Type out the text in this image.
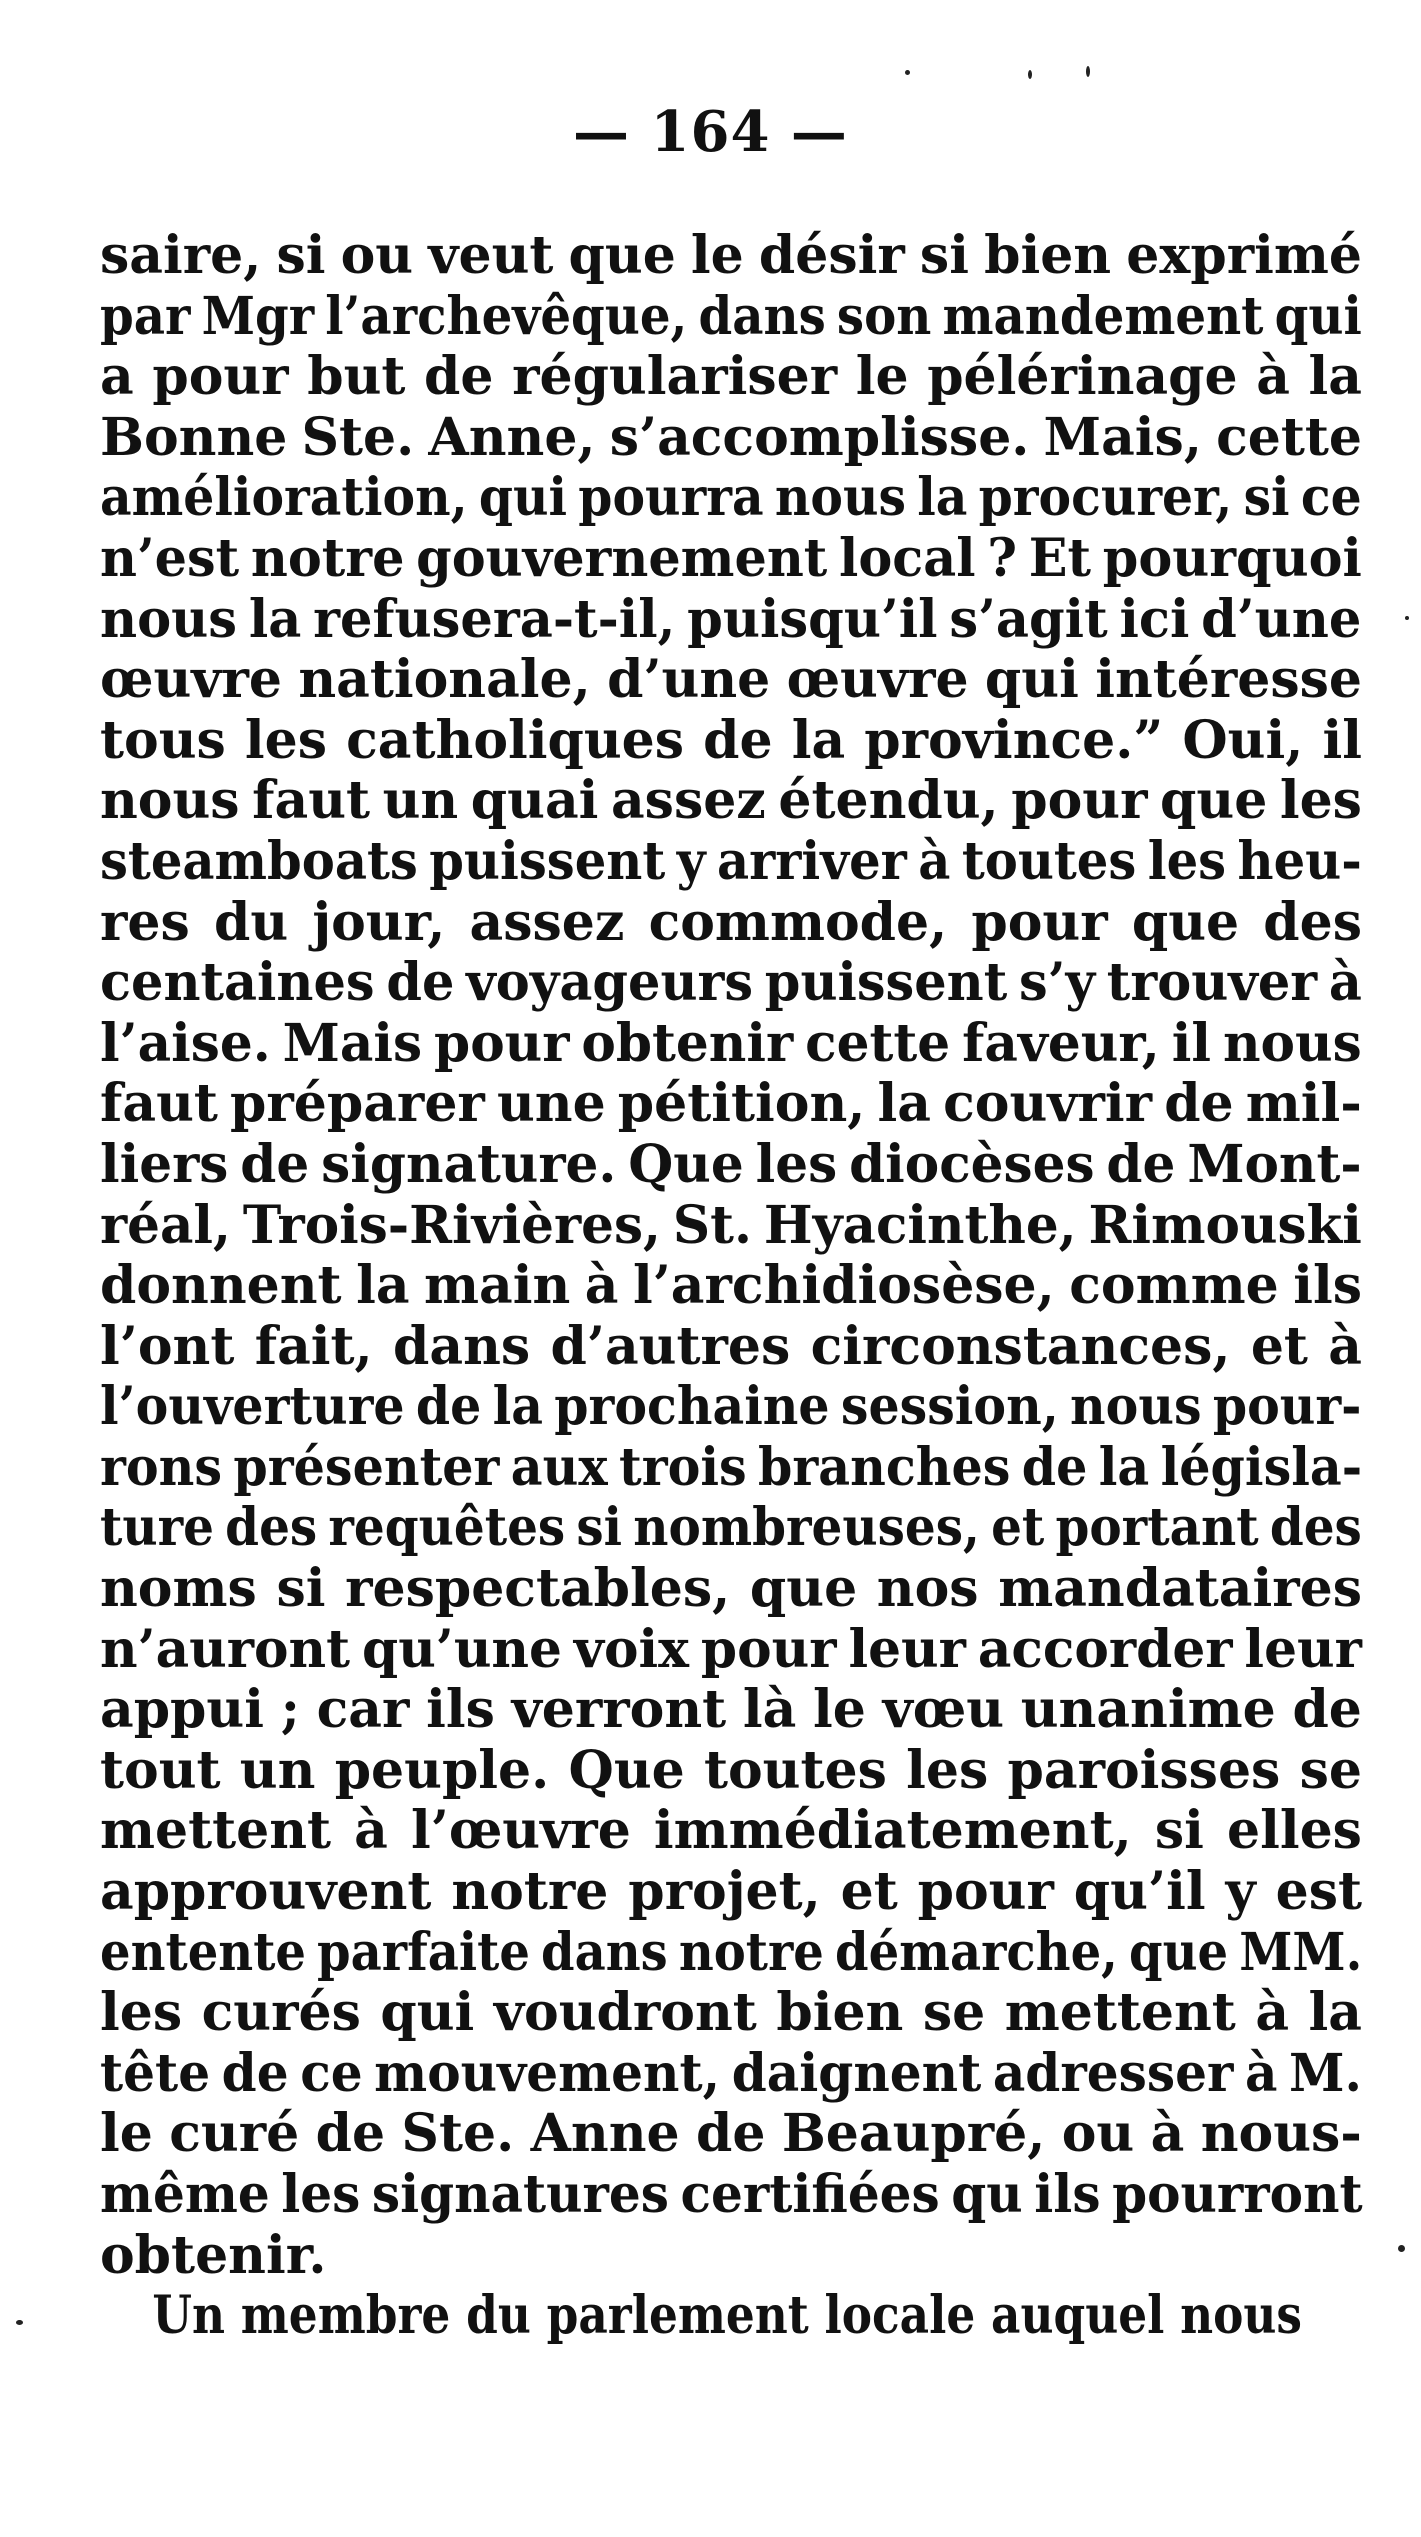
— 164 —
saire, si ou veut que le désir si bien exprimé
par Mgr l’archevêque, dans son mandement qui
a pour but de régulariser le pélérinage à la
Bonne Ste. Anne, s’accomplisse. Mais, cette
amélioration, qui pourra nous la procurer, si ce
n’est notre gouvernement local ? Et pourquoi
nous la refusera-t-il, puisqu’il s’agit ici d’une
œuvre nationale, d’une œuvre qui intéresse
tous les catholiques de la province.” Oui, il
nous faut un quai assez étendu, pour que les
steamboats puissent y arriver à toutes les heu-
res du jour, assez commode, pour que des
centaines de voyageurs puissent s’y trouver à
l’aise. Mais pour obtenir cette faveur, il nous
faut préparer une pétition, la couvrir de mil-
liers de signature. Que les diocèses de Mont-
réal, Trois-Rivières, St. Hyacinthe, Rimouski
donnent la main à l’archidiosèse, comme ils
l’ont fait, dans d’autres circonstances, et à
l’ouverture de la prochaine session, nous pour-
rons présenter aux trois branches de la législa-
ture des requêtes si nombreuses, et portant des
noms si respectables, que nos mandataires
n’auront qu’une voix pour leur accorder leur
appui ; car ils verront là le vœu unanime de
tout un peuple. Que toutes les paroisses se
mettent à l’œuvre immédiatement, si elles
approuvent notre projet, et pour qu’il y est
entente parfaite dans notre démarche, que MM.
les curés qui voudront bien se mettent à la
tête de ce mouvement, daignent adresser à M.
le curé de Ste. Anne de Beaupré, ou à nous-
même les signatures certifiées qu ils pourront
obtenir.
Un membre du parlement locale auquel nous
